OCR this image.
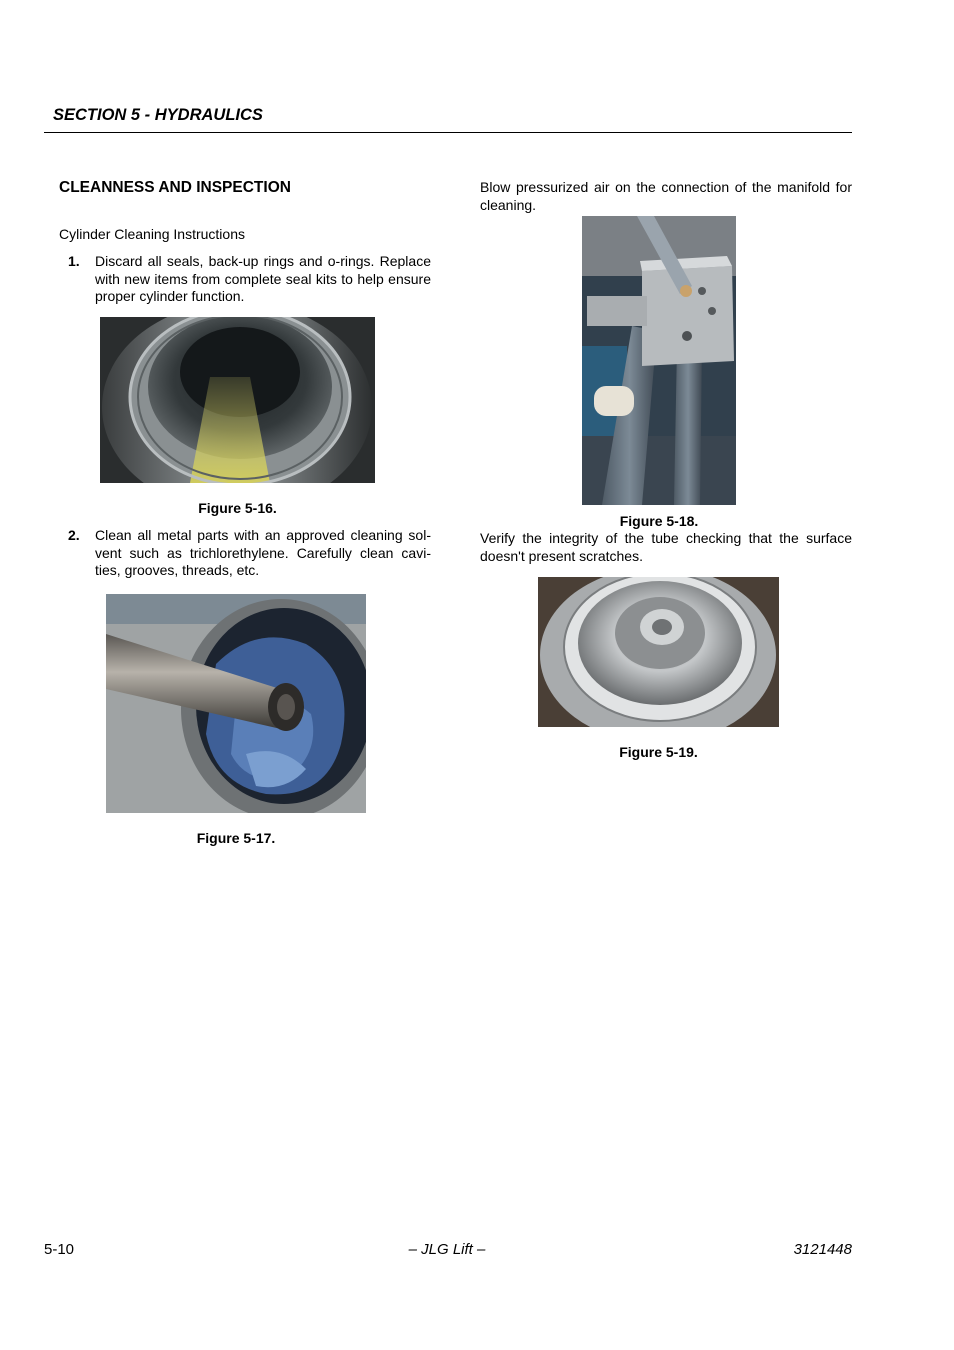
SECTION 5 - HYDRAULICS
CLEANNESS AND INSPECTION
Cylinder Cleaning Instructions
1. Discard all seals, back-up rings and o-rings. Replace with new items from complete seal kits to help ensure proper cylinder function.
Figure 5-16.
2. Clean all metal parts with an approved cleaning sol-vent such as trichlorethylene. Carefully clean cavi-ties, grooves, threads, etc.
Figure 5-17.
Blow pressurized air on the connection of the manifold for cleaning.
Figure 5-18.
Verify the integrity of the tube checking that the surface doesn't present scratches.
Figure 5-19.
5-10	– JLG Lift –	3121448
